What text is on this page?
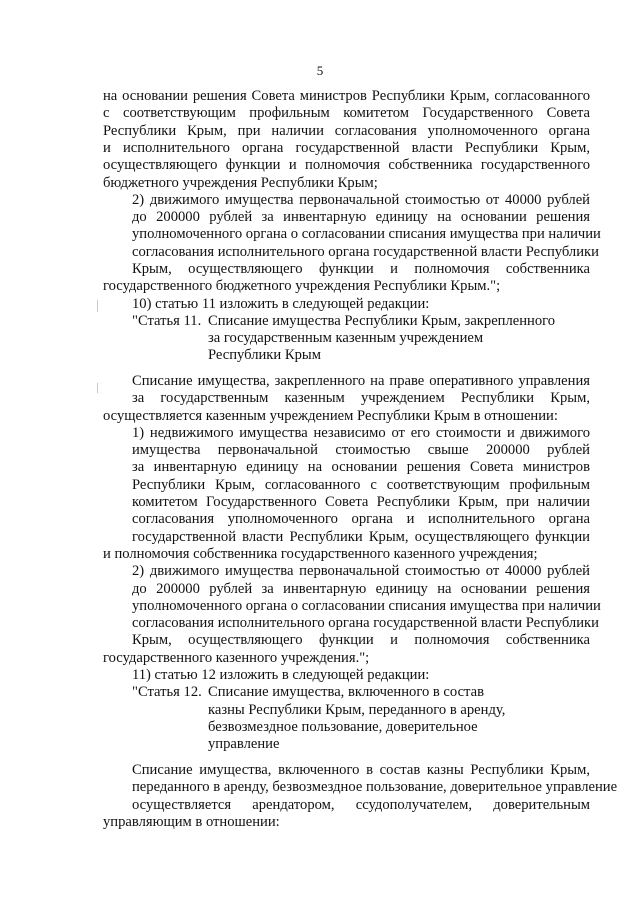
5
на основании решения Совета министров Республики Крым, согласованного
с соответствующим профильным комитетом Государственного Совета
Республики Крым, при наличии согласования уполномоченного органа
и исполнительного органа государственной власти Республики Крым,
осуществляющего функции и полномочия собственника государственного
бюджетного учреждения Республики Крым;
2) движимого имущества первоначальной стоимостью от 40000 рублей
до 200000 рублей за инвентарную единицу на основании решения
уполномоченного органа о согласовании списания имущества при наличии
согласования исполнительного органа государственной власти Республики
Крым, осуществляющего функции и полномочия собственника
государственного бюджетного учреждения Республики Крым.";
10) статью 11 изложить в следующей редакции:
"Статья 11. Списание имущества Республики Крым, закрепленного
за государственным казенным учреждением
Республики Крым
Списание имущества, закрепленного на праве оперативного управления
за государственным казенным учреждением Республики Крым,
осуществляется казенным учреждением Республики Крым в отношении:
1) недвижимого имущества независимо от его стоимости и движимого
имущества первоначальной стоимостью свыше 200000 рублей
за инвентарную единицу на основании решения Совета министров
Республики Крым, согласованного с соответствующим профильным
комитетом Государственного Совета Республики Крым, при наличии
согласования уполномоченного органа и исполнительного органа
государственной власти Республики Крым, осуществляющего функции
и полномочия собственника государственного казенного учреждения;
2) движимого имущества первоначальной стоимостью от 40000 рублей
до 200000 рублей за инвентарную единицу на основании решения
уполномоченного органа о согласовании списания имущества при наличии
согласования исполнительного органа государственной власти Республики
Крым, осуществляющего функции и полномочия собственника
государственного казенного учреждения.";
11) статью 12 изложить в следующей редакции:
"Статья 12. Списание имущества, включенного в состав
казны Республики Крым, переданного в аренду,
безвозмездное пользование, доверительное
управление
Списание имущества, включенного в состав казны Республики Крым,
переданного в аренду, безвозмездное пользование, доверительное управление
осуществляется арендатором, ссудополучателем, доверительным
управляющим в отношении:
